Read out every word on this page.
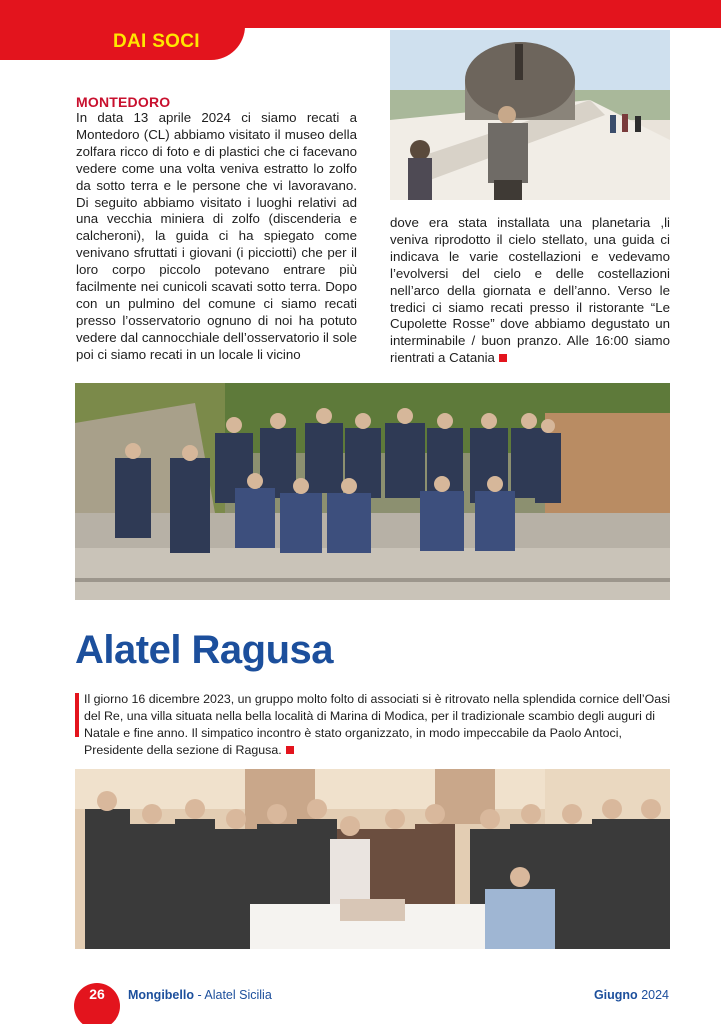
DAI SOCI
MONTEDORO
In data 13 aprile 2024 ci siamo recati a Montedoro (CL) abbiamo visitato il museo della zolfara ricco di foto e di plastici che ci facevano vedere come una volta veniva estratto lo zolfo da sotto terra e le persone che vi lavoravano. Di seguito abbiamo visitato i luoghi relativi ad una vecchia miniera di zolfo (discenderia e calcheroni), la guida ci ha spiegato come venivano sfruttati i giovani (i picciotti) che per il loro corpo piccolo potevano entrare più facilmente nei cunicoli scavati sotto terra. Dopo con un pulmino del comune ci siamo recati presso l’osservatorio ognuno di noi ha potuto vedere dal cannocchiale dell’osservatorio il sole poi ci siamo recati in un locale li vicino
dove era stata installata una planetaria ,li veniva riprodotto il cielo stellato, una guida ci indicava le varie costellazioni e vedevamo l’evolversi del cielo e delle costellazioni nell’arco della giornata e dell’anno. Verso le tredici ci siamo recati presso il ristorante “Le Cupolette Rosse” dove abbiamo degustato un interminabile / buon pranzo. Alle 16:00 siamo rientrati a Catania
Alatel Ragusa
Il giorno 16 dicembre 2023, un gruppo molto folto di associati si è ritrovato nella splendida cornice dell’Oasi del Re, una villa situata nella bella località di Marina di Modica, per il tradizionale scambio degli auguri di Natale e fine anno. Il simpatico incontro è stato organizzato, in modo impeccabile da Paolo Antoci, Presidente della sezione di Ragusa.
26	Mongibello - Alatel Sicilia	Giugno 2024
